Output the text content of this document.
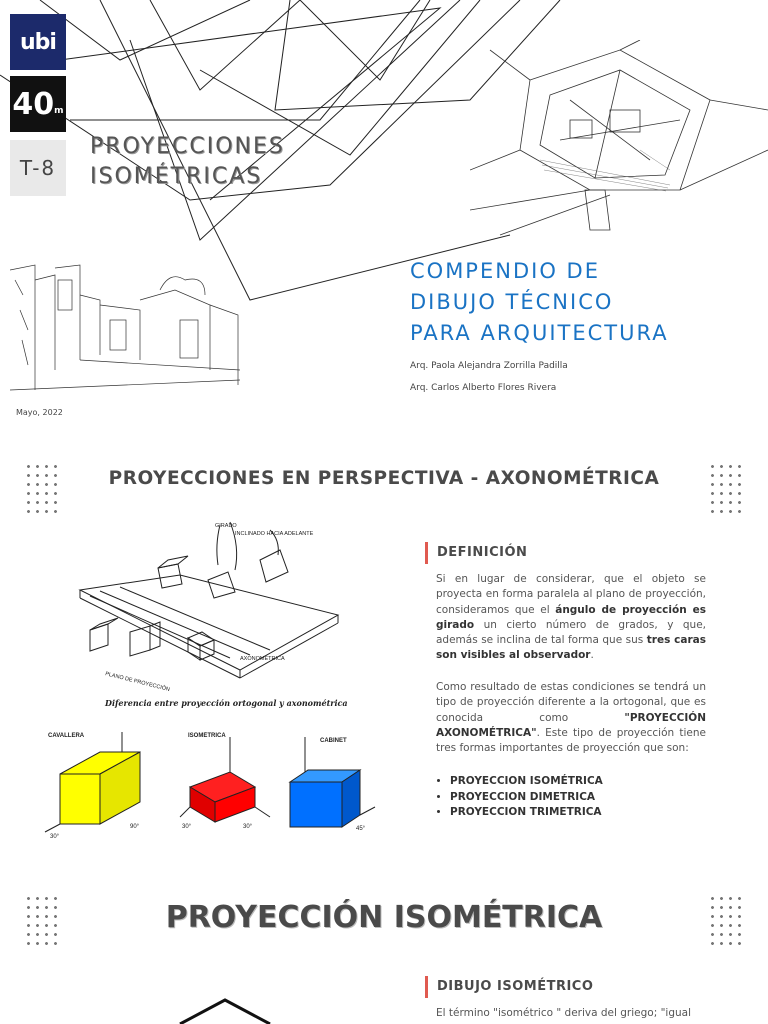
ubi
40 m
T-8
PROYECCIONES
ISOMÉTRICAS
COMPENDIO DE
DIBUJO TÉCNICO
PARA ARQUITECTURA
Arq. Paola Alejandra Zorrilla Padilla
Arq. Carlos Alberto Flores Rivera
Mayo, 2022
PROYECCIONES EN PERSPECTIVA - AXONOMÉTRICA
GIRADO
INCLINADO HACIA ADELANTE
AXONOMÉTRICA
PLANO DE PROYECCIÓN
Diferencia entre proyección ortogonal y axonométrica
CAVALLERA	ISOMÉTRICA
CABINET
30°
90°	30°	30°	45°
DEFINICIÓN
Si en lugar de considerar, que el objeto se proyecta en forma paralela al plano de proyección, consideramos que el ángulo de proyección es girado un cierto número de grados, y que, además se inclina de tal forma que sus tres caras son visibles al observador.
Como resultado de estas condiciones se tendrá un tipo de proyección diferente a la ortogonal, que es conocida como "PROYECCIÓN AXONOMÉTRICA". Este tipo de proyección tiene tres formas importantes de proyección que son:
• PROYECCION ISOMÉTRICA
• PROYECCION DIMETRICA
• PROYECCION TRIMETRICA
PROYECCIÓN ISOMÉTRICA
DIBUJO ISOMÉTRICO
El término "isométrico " deriva del griego; "igual
